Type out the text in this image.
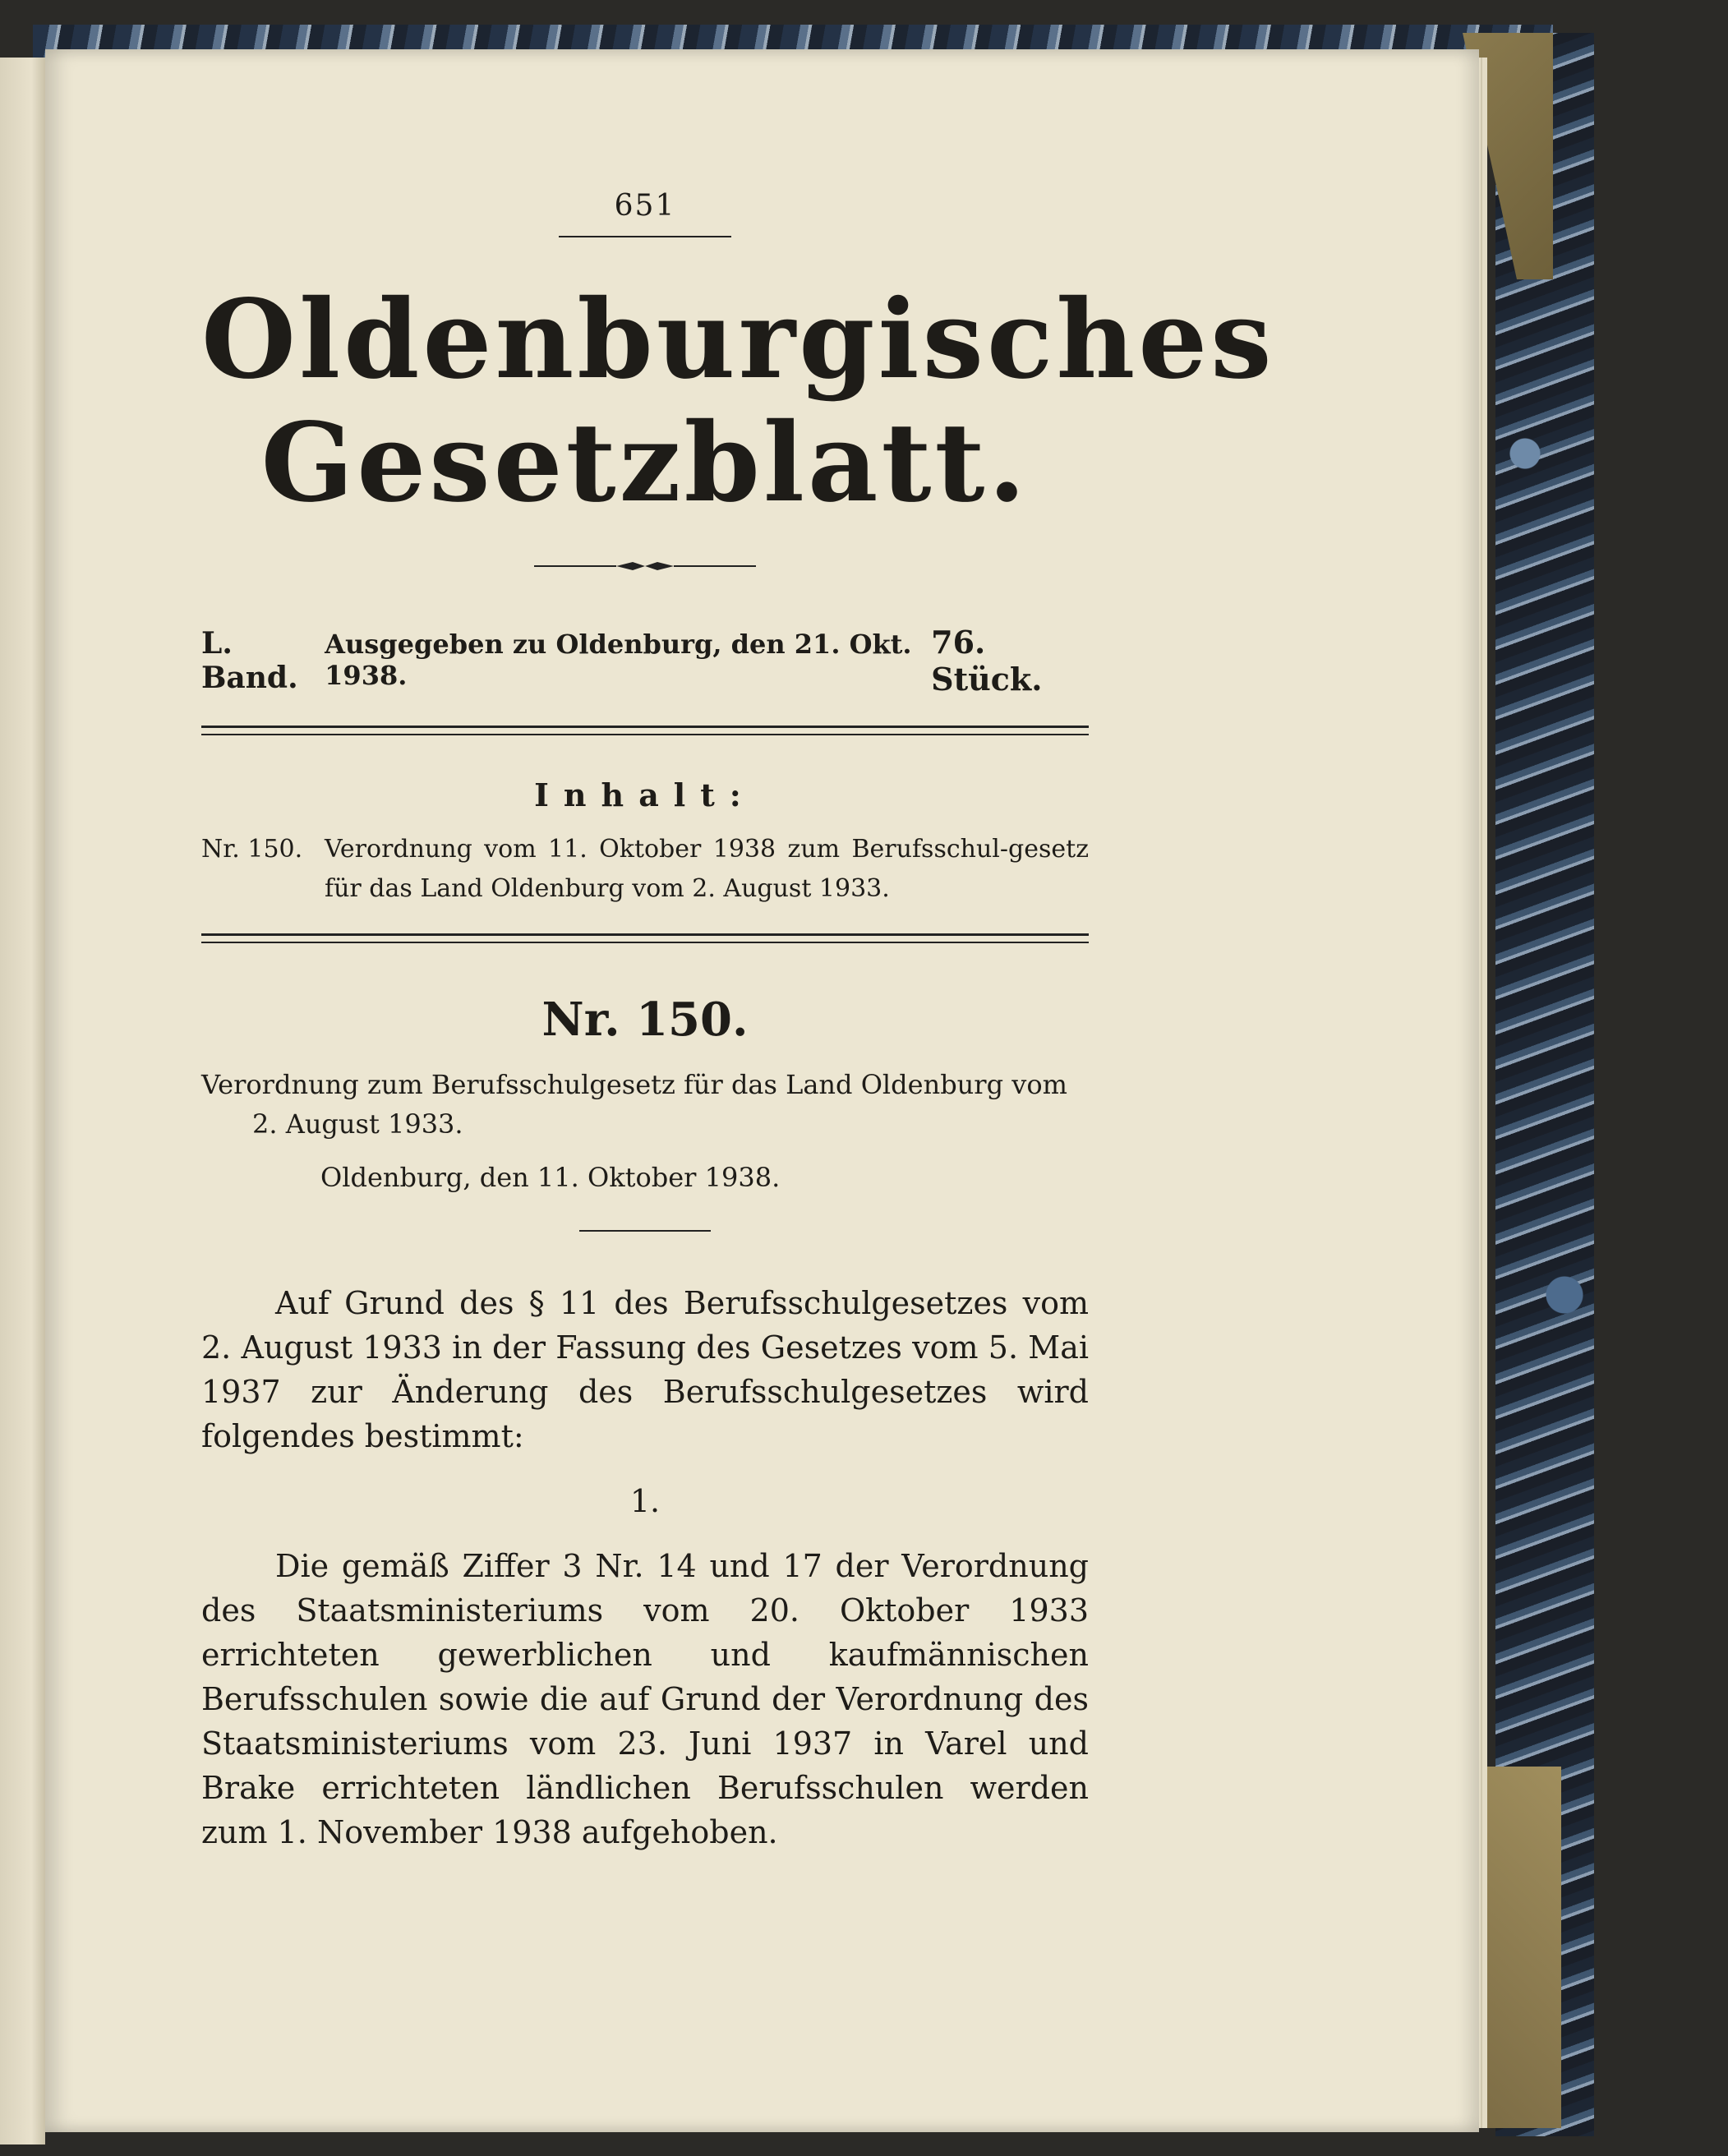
651
Oldenburgisches
Gesetzblatt.
L. Band.
Ausgegeben zu Oldenburg, den 21. Okt. 1938.
76. Stück.
Inhalt:
Nr. 150. Verordnung vom 11. Oktober 1938 zum Berufsschul-gesetz für das Land Oldenburg vom 2. August 1933.
Nr. 150.
Verordnung zum Berufsschulgesetz für das Land Oldenburg vom
2. August 1933.
Oldenburg, den 11. Oktober 1938.
Auf Grund des § 11 des Berufsschulgesetzes vom 2. August 1933 in der Fassung des Gesetzes vom 5. Mai 1937 zur Änderung des Berufsschulgesetzes wird folgendes bestimmt:
1.
Die gemäß Ziffer 3 Nr. 14 und 17 der Verordnung des Staatsministeriums vom 20. Oktober 1933 errichteten gewerblichen und kaufmännischen Berufsschulen sowie die auf Grund der Verordnung des Staatsministeriums vom 23. Juni 1937 in Varel und Brake errichteten ländlichen Berufsschulen werden zum 1. November 1938 aufgehoben.
